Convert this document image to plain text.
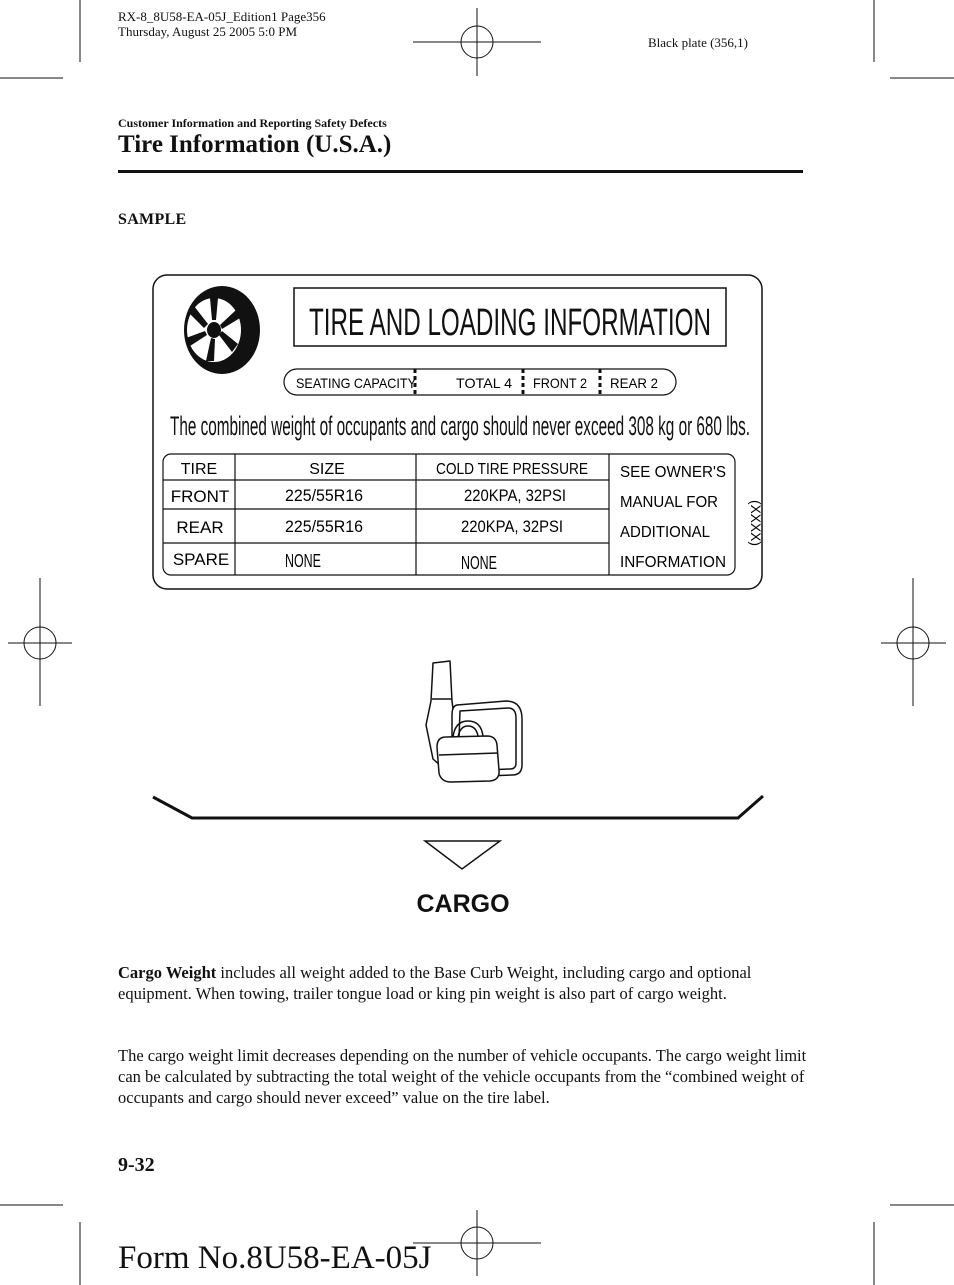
RX-8_8U58-EA-05J_Edition1 Page356
Thursday, August 25 2005 5:0 PM
Black plate (356,1)
Customer Information and Reporting Safety Defects
Tire Information (U.S.A.)
SAMPLE
TIRE AND LOADING INFORMATION
SEATING CAPACITY	TOTAL 4 FRONT 2 REAR 2
The combined weight of occupants and cargo should never exceed 308 kg or 680 lbs.
TIRE	SIZE	COLD TIRE PRESSURE
FRONT	225/55R16	220KPA, 32PSI
REAR	225/55R16	220KPA, 32PSI
SPARE	NONE	NONE
SEE OWNER'S
MANUAL FOR
ADDITIONAL
INFORMATION
(XXXX)
CARGO
Cargo Weight includes all weight added to the Base Curb Weight, including cargo and optional equipment. When towing, trailer tongue load or king pin weight is also part of cargo weight.
The cargo weight limit decreases depending on the number of vehicle occupants. The cargo weight limit can be calculated by subtracting the total weight of the vehicle occupants from the “combined weight of occupants and cargo should never exceed” value on the tire label.
9-32
Form No.8U58-EA-05J
